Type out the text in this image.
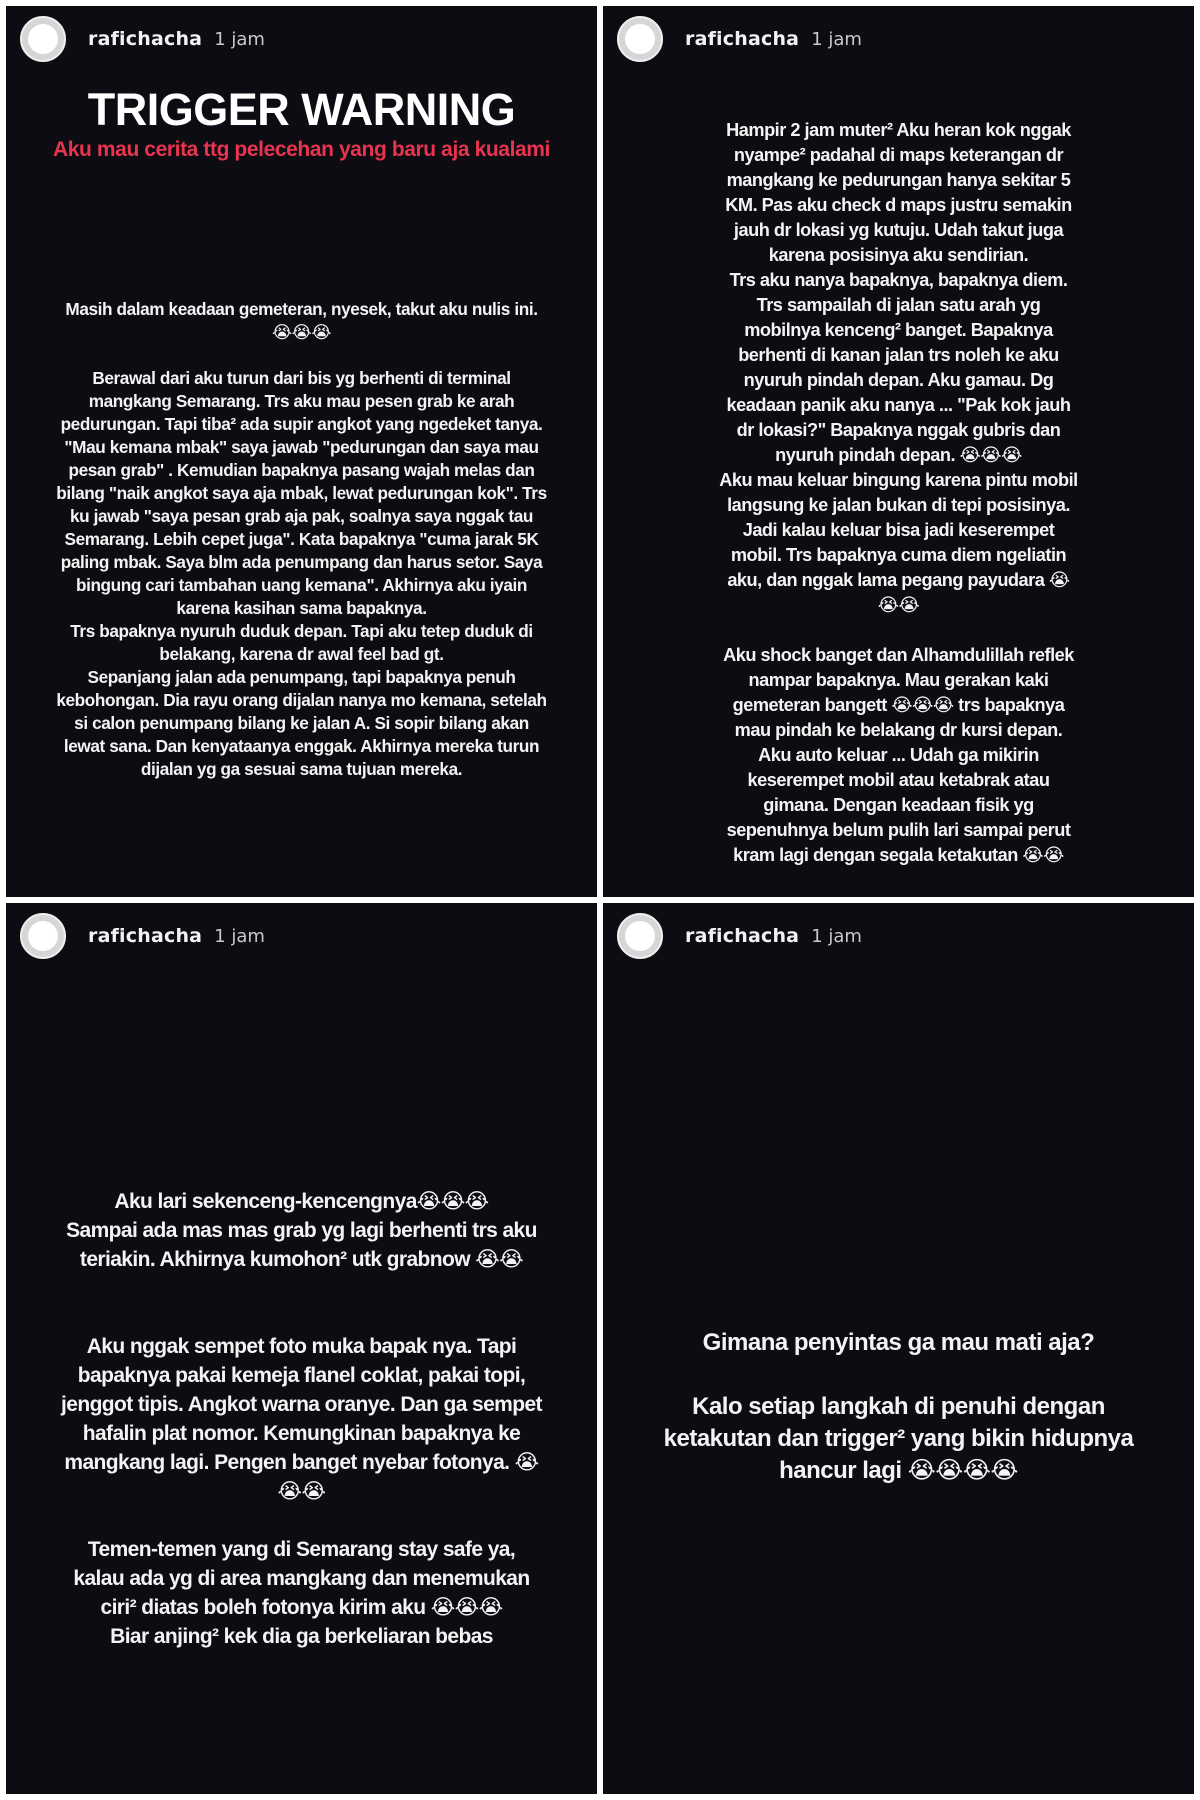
rafichacha 1 jam
TRIGGER WARNING
Aku mau cerita ttg pelecehan yang baru aja kualami
Masih dalam keadaan gemeteran, nyesek, takut aku nulis ini.
😭😭😭

Berawal dari aku turun dari bis yg berhenti di terminal
mangkang Semarang. Trs aku mau pesen grab ke arah
pedurungan. Tapi tiba² ada supir angkot yang ngedeket tanya.
"Mau kemana mbak" saya jawab "pedurungan dan saya mau
pesan grab" . Kemudian bapaknya pasang wajah melas dan
bilang "naik angkot saya aja mbak, lewat pedurungan kok". Trs
ku jawab "saya pesan grab aja pak, soalnya saya nggak tau
Semarang. Lebih cepet juga". Kata bapaknya "cuma jarak 5K
paling mbak. Saya blm ada penumpang dan harus setor. Saya
bingung cari tambahan uang kemana". Akhirnya aku iyain
karena kasihan sama bapaknya.
Trs bapaknya nyuruh duduk depan. Tapi aku tetep duduk di
belakang, karena dr awal feel bad gt.
Sepanjang jalan ada penumpang, tapi bapaknya penuh
kebohongan. Dia rayu orang dijalan nanya mo kemana, setelah
si calon penumpang bilang ke jalan A. Si sopir bilang akan
lewat sana. Dan kenyataanya enggak. Akhirnya mereka turun
dijalan yg ga sesuai sama tujuan mereka.
rafichacha 1 jam
Hampir 2 jam muter² Aku heran kok nggak
nyampe² padahal di maps keterangan dr
mangkang ke pedurungan hanya sekitar 5
KM. Pas aku check d maps justru semakin
jauh dr lokasi yg kutuju. Udah takut juga
karena posisinya aku sendirian.
Trs aku nanya bapaknya, bapaknya diem.
Trs sampailah di jalan satu arah yg
mobilnya kenceng² banget. Bapaknya
berhenti di kanan jalan trs noleh ke aku
nyuruh pindah depan. Aku gamau. Dg
keadaan panik aku nanya ... "Pak kok jauh
dr lokasi?" Bapaknya nggak gubris dan
nyuruh pindah depan. 😭😭😭
Aku mau keluar bingung karena pintu mobil
langsung ke jalan bukan di tepi posisinya.
Jadi kalau keluar bisa jadi keserempet
mobil. Trs bapaknya cuma diem ngeliatin
aku, dan nggak lama pegang payudara 😭
😭😭

Aku shock banget dan Alhamdulillah reflek
nampar bapaknya. Mau gerakan kaki
gemeteran bangett 😭😭😭 trs bapaknya
mau pindah ke belakang dr kursi depan.
Aku auto keluar ... Udah ga mikirin
keserempet mobil atau ketabrak atau
gimana. Dengan keadaan fisik yg
sepenuhnya belum pulih lari sampai perut
kram lagi dengan segala ketakutan 😭😭
rafichacha 1 jam
Aku lari sekenceng-kencengnya😭😭😭
Sampai ada mas mas grab yg lagi berhenti trs aku
teriakin. Akhirnya kumohon² utk grabnow 😭😭

Aku nggak sempet foto muka bapak nya. Tapi
bapaknya pakai kemeja flanel coklat, pakai topi,
jenggot tipis. Angkot warna oranye. Dan ga sempet
hafalin plat nomor. Kemungkinan bapaknya ke
mangkang lagi. Pengen banget nyebar fotonya. 😭
😭😭

Temen-temen yang di Semarang stay safe ya,
kalau ada yg di area mangkang dan menemukan
ciri² diatas boleh fotonya kirim aku 😭😭😭
Biar anjing² kek dia ga berkeliaran bebas
rafichacha 1 jam
Gimana penyintas ga mau mati aja?

Kalo setiap langkah di penuhi dengan
ketakutan dan trigger² yang bikin hidupnya
hancur lagi 😭😭😭😭
